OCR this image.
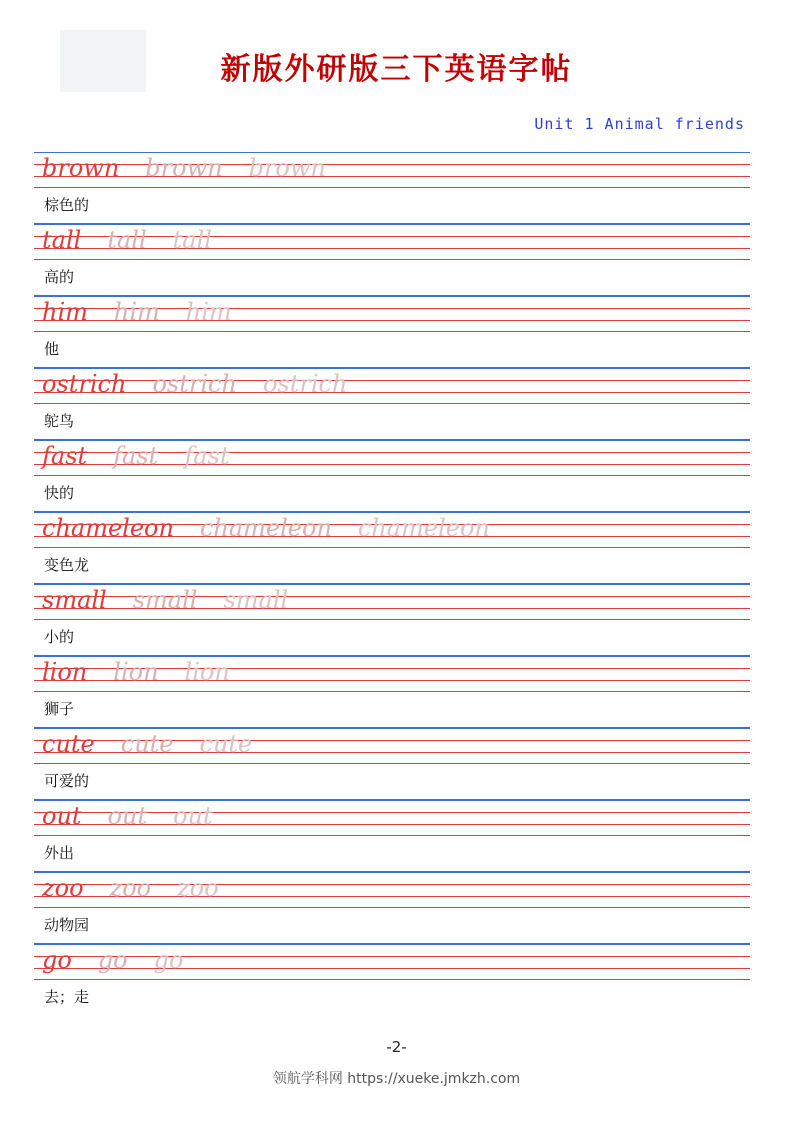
新版外研版三下英语字帖
Unit 1 Animal friends
brown brown brown
棕色的
tall tall tall
高的
him him him
他
ostrich ostrich ostrich
鸵鸟
fast fast fast
快的
chameleon chameleon chameleon
变色龙
small small small
小的
lion lion lion
狮子
cute cute cute
可爱的
out out out
外出
zoo zoo zoo
动物园
go go go
去；走
-2-
领航学科网 https://xueke.jmkzh.com
